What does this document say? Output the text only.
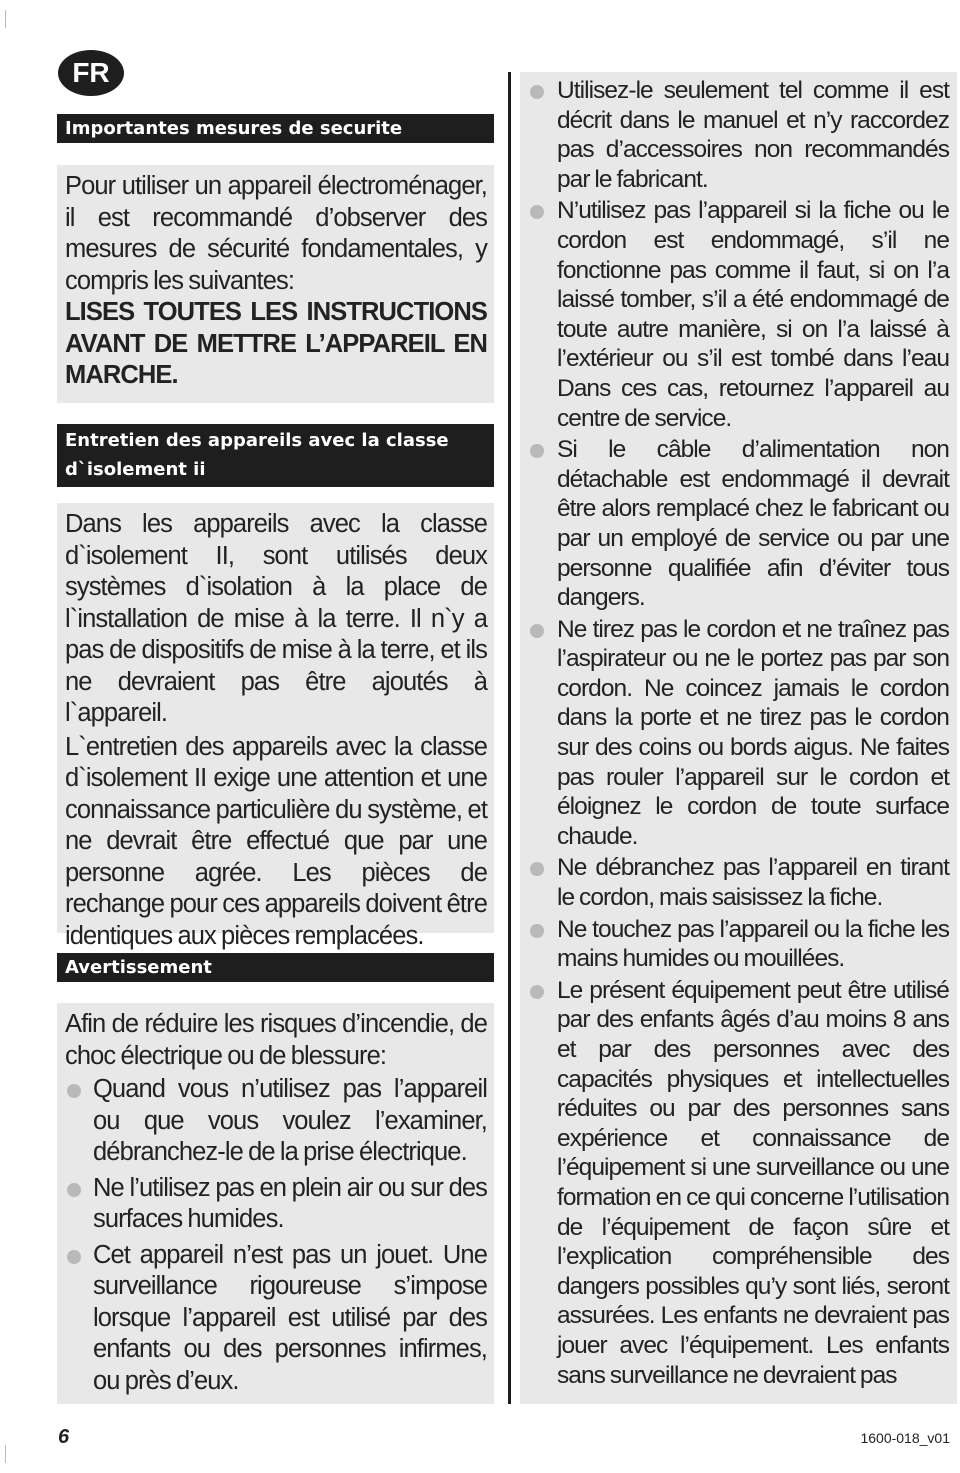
FR
Importantes mesures de securite

Pour utiliser un appareil électroménager, il est recommandé d’observer des mesures de sécurité fondamentales, y compris les suivantes:

LISES TOUTES LES INSTRUCTIONS AVANT DE METTRE L’APPAREIL EN MARCHE.

Entretien des appareils avec la classe
d`isolement ii

Dans les appareils avec la classe d`isolement II, sont utilisés deux systèmes d`isolation à la place de l`installation de mise à la terre. Il n`y a pas de dispositifs de mise à la terre, et ils ne devraient pas être ajoutés à l`appareil.

L`entretien des appareils avec la classe d`isolement II exige une attention et une connaissance particulière du système, et ne devrait être effectué que par une personne agrée. Les pièces de rechange pour ces appareils doivent être identiques aux pièces remplacées.

Avertissement

Afin de réduire les risques d’incendie, de choc électrique ou de blessure:

Quand vous n’utilisez pas l’appareil ou que vous voulez l’examiner, débranchez-le de la prise électrique.
Ne l’utilisez pas en plein air ou sur des surfaces humides.
Cet appareil n’est pas un jouet. Une surveillance rigoureuse s’impose lorsque l’appareil est utilisé par des enfants ou des personnes infirmes, ou près d’eux.
Utilisez-le seulement tel comme il est décrit dans le manuel et n’y raccordez pas d’accessoires non recommandés par le fabricant.
N’utilisez pas l’appareil si la fiche ou le cordon est endommagé, s’il ne fonctionne pas comme il faut, si on l’a laissé tomber, s’il a été endommagé de toute autre manière, si on l’a laissé à l’extérieur ou s’il est tombé dans l’eau Dans ces cas, retournez l’appareil au centre de service.
Si le câble d’alimentation non détachable est endommagé il devrait être alors remplacé chez le fabricant ou par un employé de service ou par une personne qualifiée afin d’éviter tous dangers.
Ne tirez pas le cordon et ne traînez pas l’aspirateur ou ne le portez pas par son cordon. Ne coincez jamais le cordon dans la porte et ne tirez pas le cordon sur des coins ou bords aigus. Ne faites pas rouler l’appareil sur le cordon et éloignez le cordon de toute surface chaude.
Ne débranchez pas l’appareil en tirant le cordon, mais saisissez la fiche.
Ne touchez pas l’appareil ou la fiche les mains humides ou mouillées.
Le présent équipement peut être utilisé par des enfants âgés d’au moins 8 ans et par des personnes avec des capacités physiques et intellectuelles réduites ou par des personnes sans expérience et connaissance de l’équipement si une surveillance ou une formation en ce qui concerne l’utilisation de l’équipement de façon sûre et l’explication compréhensible des dangers possibles qu’y sont liés, seront assurées. Les enfants ne devraient pas jouer avec l’équipement. Les enfants sans surveillance ne devraient pas
6	1600-018_v01
